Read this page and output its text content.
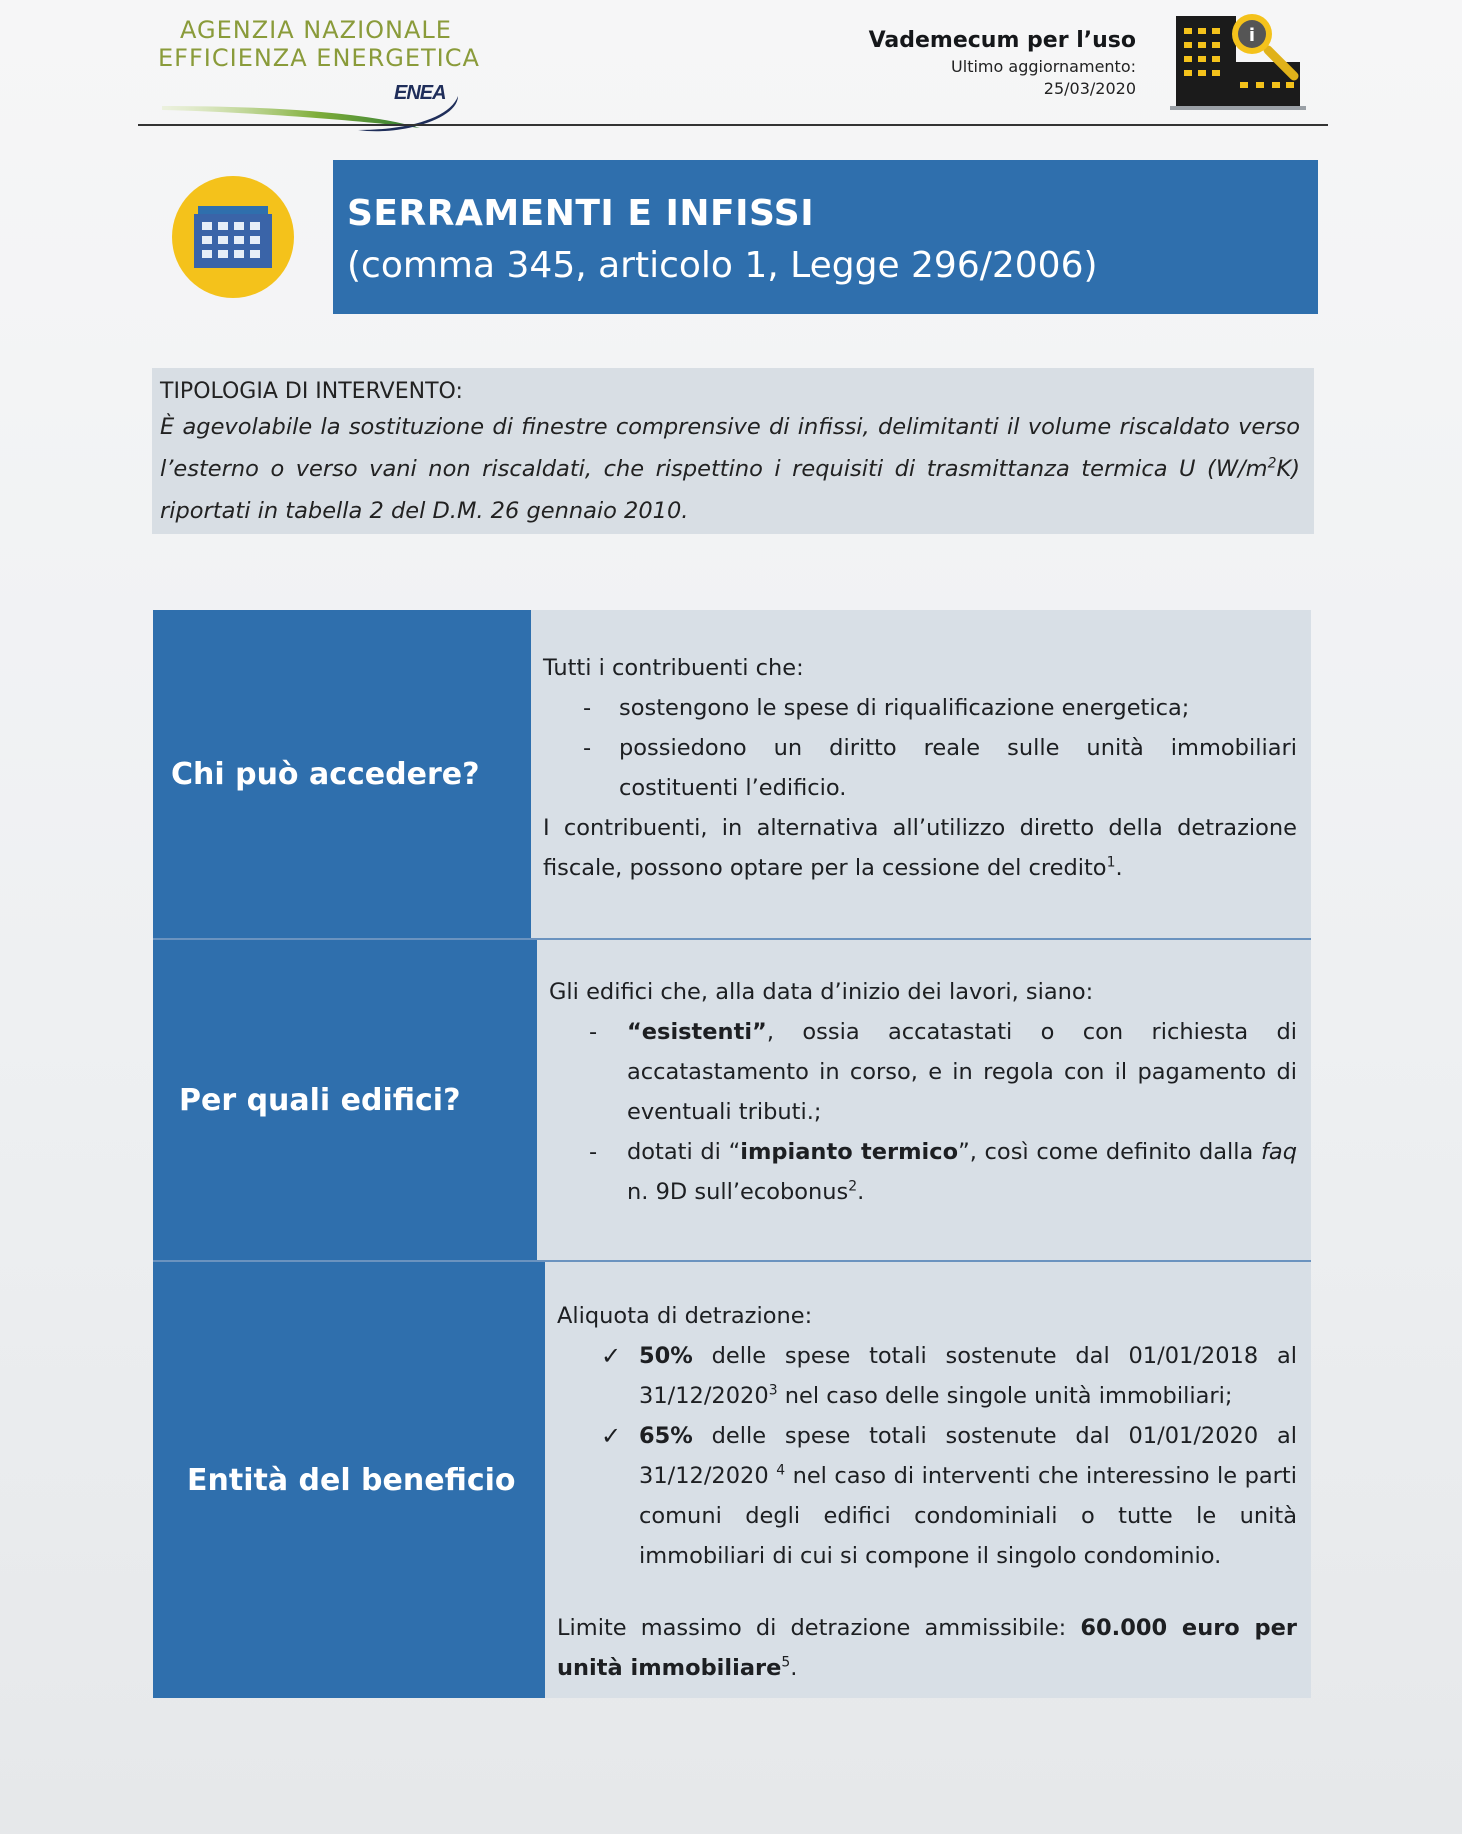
AGENZIA NAZIONALE
EFFICIENZA ENERGETICA
ENEA
Vademecum per l’uso
Ultimo aggiornamento:
25/03/2020
i
SERRAMENTI E INFISSI
(comma 345, articolo 1, Legge 296/2006)
TIPOLOGIA DI INTERVENTO:
È agevolabile la sostituzione di finestre comprensive di infissi, delimitanti il volume riscaldato verso l’esterno o verso vani non riscaldati, che rispettino i requisiti di trasmittanza termica U $(W/m^2K)$ riportati in tabella 2 del D.M. 26 gennaio 2010.
Chi può accedere?
Tutti i contribuenti che:
- sostengono le spese di riqualificazione energetica;
- possiedono un diritto reale sulle unità immobiliari costituenti l’edificio.
I contribuenti, in alternativa all’utilizzo diretto della detrazione fiscale, possono optare per la cessione del credito$^1$.
Per quali edifici?
Gli edifici che, alla data d’inizio dei lavori, siano:
- “esistenti”, ossia accatastati o con richiesta di accatastamento in corso, e in regola con il pagamento di eventuali tributi.;
- dotati di “impianto termico”, così come definito dalla faq n. 9D sull’ecobonus$^2$.
Entità del beneficio
Aliquota di detrazione:
✓ 50% delle spese totali sostenute dal 01/01/2018 al 31/12/2020$^3$ nel caso delle singole unità immobiliari;
✓ 65% delle spese totali sostenute dal 01/01/2020 al 31/12/2020 $^4$ nel caso di interventi che interessino le parti comuni degli edifici condominiali o tutte le unità immobiliari di cui si compone il singolo condominio.
Limite massimo di detrazione ammissibile: 60.000 euro per unità immobiliare$^5$.
